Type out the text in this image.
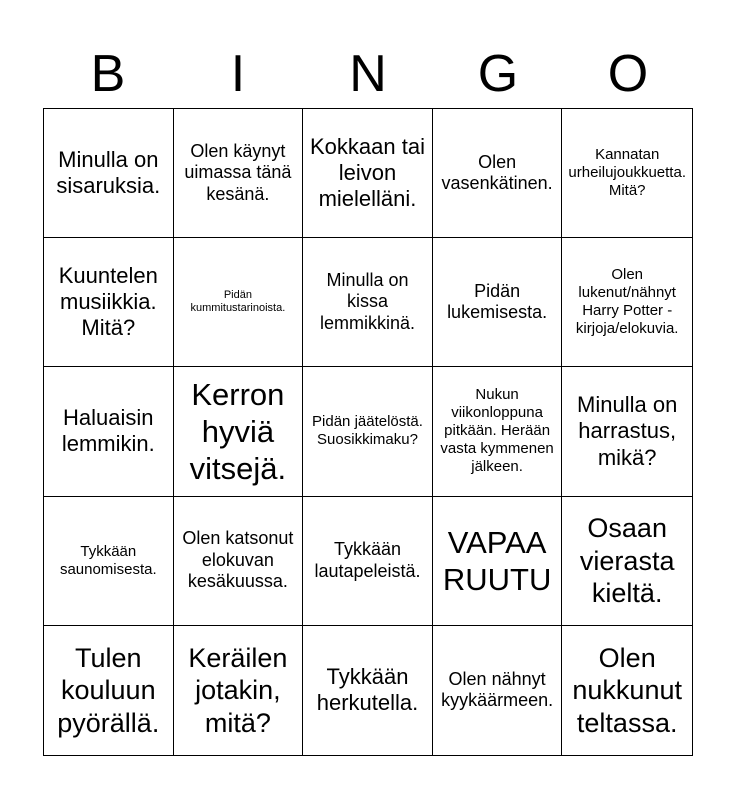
B	I	N	G	O
Minulla on sisaruksia.
Olen käynyt uimassa tänä kesänä.
Kokkaan tai leivon mielelläni.
Olen vasenkätinen.
Kannatan urheilujoukkuetta. Mitä?
Kuuntelen musiikkia. Mitä?
Pidän kummitustarinoista.
Minulla on kissa lemmikkinä.
Pidän lukemisesta.
Olen lukenut/nähnyt Harry Potter -kirjoja/elokuvia.
Haluaisin lemmikin.
Kerron hyviä vitsejä.
Pidän jäätelöstä. Suosikkimaku?
Nukun viikonloppuna pitkään. Herään vasta kymmenen jälkeen.
Minulla on harrastus, mikä?
Tykkään saunomisesta.
Olen katsonut elokuvan kesäkuussa.
Tykkään lautapeleistä.
VAPAA RUUTU
Osaan vierasta kieltä.
Tulen kouluun pyörällä.
Keräilen jotakin, mitä?
Tykkään herkutella.
Olen nähnyt kyykäärmeen.
Olen nukkunut teltassa.
